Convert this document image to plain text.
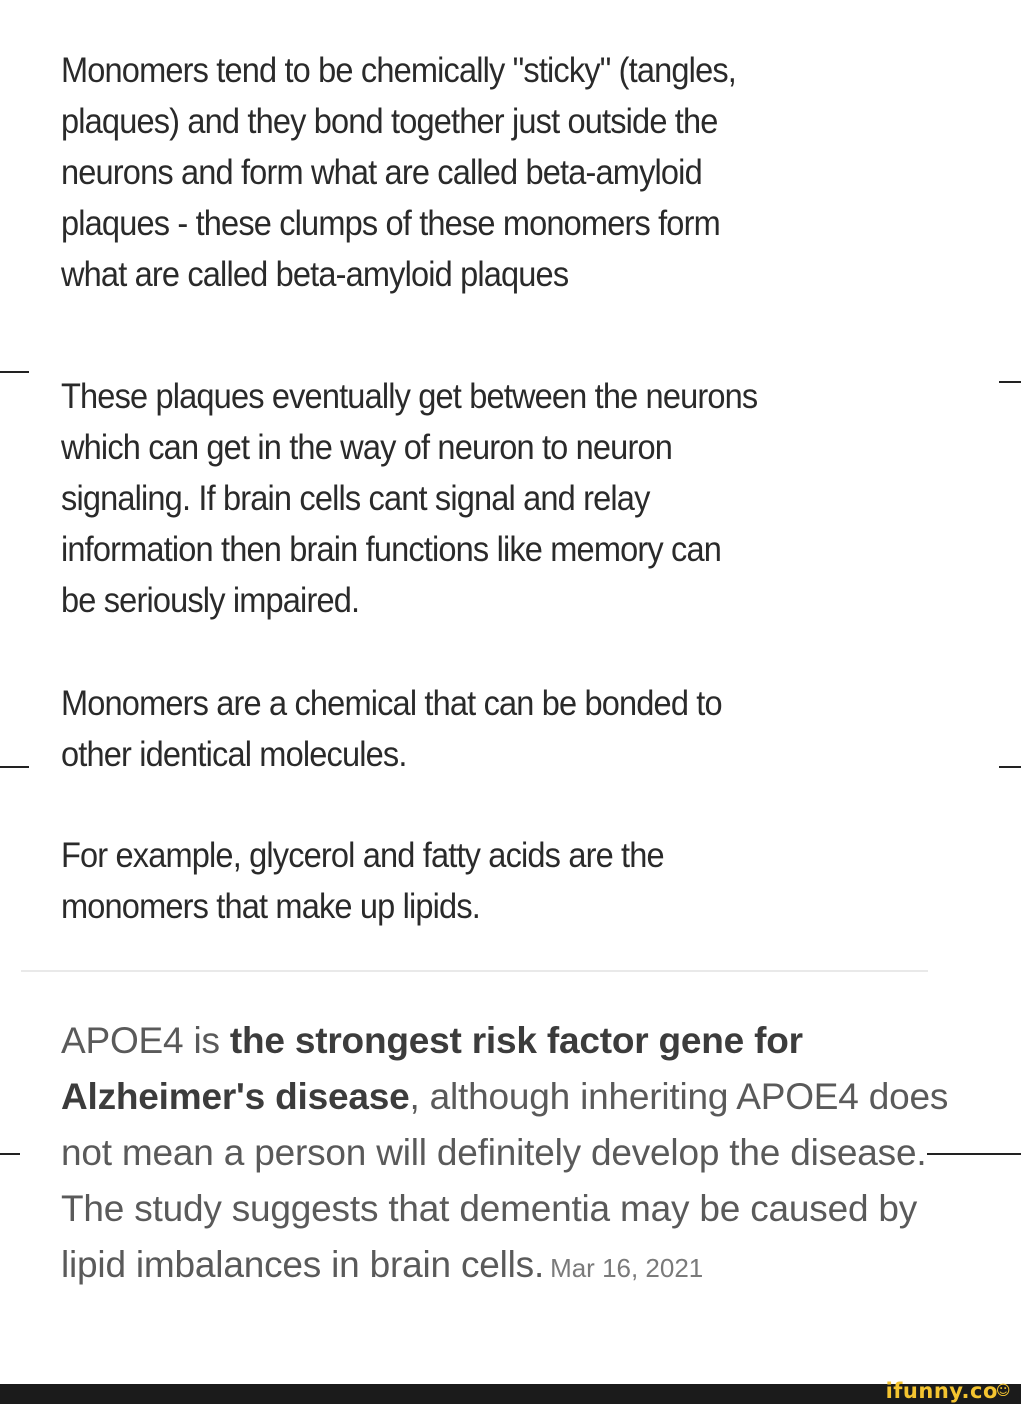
Monomers tend to be chemically "sticky" (tangles,

plaques) and they bond together just outside the

neurons and form what are called beta-amyloid

plaques - these clumps of these monomers form

what are called beta-amyloid plaques

These plaques eventually get between the neurons

which can get in the way of neuron to neuron

signaling. If brain cells cant signal and relay

information then brain functions like memory can

be seriously impaired.

Monomers are a chemical that can be bonded to

other identical molecules.

For example, glycerol and fatty acids are the

monomers that make up lipids.

APOE4 is the strongest risk factor gene for Alzheimer's disease, although inheriting APOE4 does not mean a person will definitely develop the disease. The study suggests that dementia may be caused by lipid imbalances in brain cells. Mar 16, 2021
ifunny.co☺
